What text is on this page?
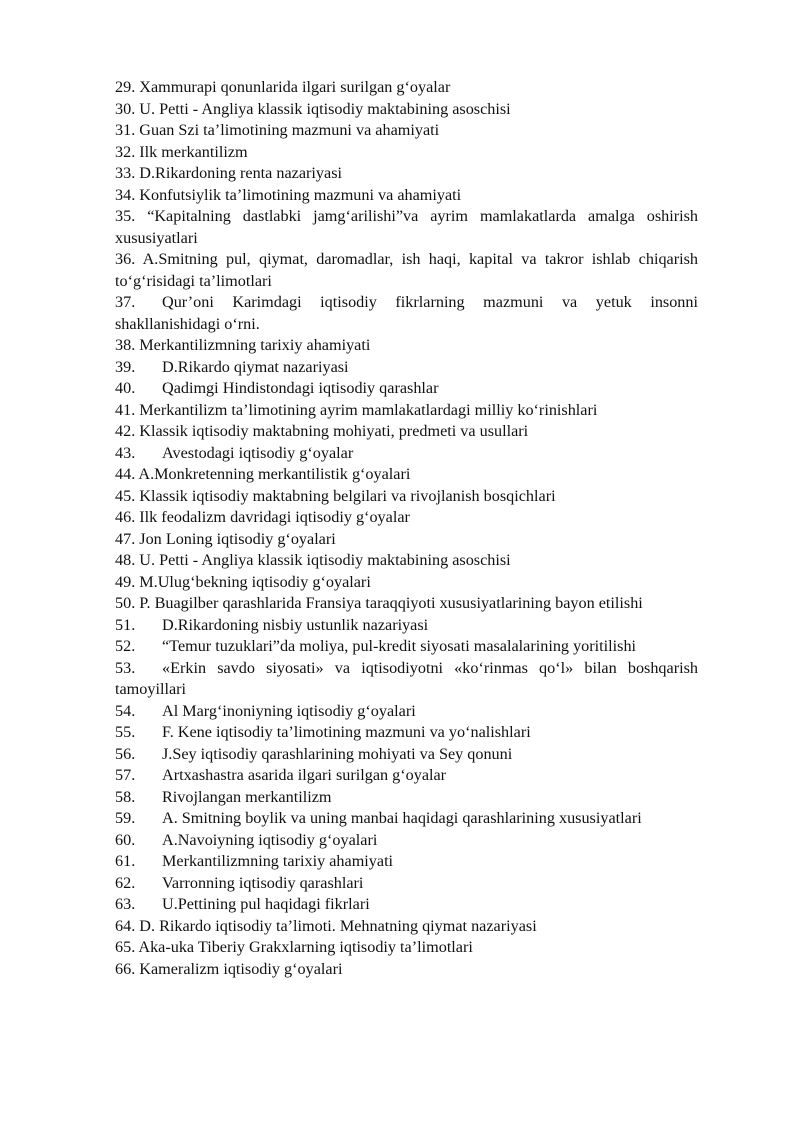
29. Xammurapi qonunlarida ilgari surilgan g‘oyalar

30. U. Petti - Angliya klassik iqtisodiy maktabining asoschisi

31. Guan Szi ta’limotining mazmuni va ahamiyati

32. Ilk merkantilizm

33. D.Rikardoning renta nazariyasi

34. Konfutsiylik ta’limotining mazmuni va ahamiyati

35. “Kapitalning dastlabki jamg‘arilishi”va ayrim mamlakatlarda amalga oshirish xususiyatlari

36. A.Smitning pul, qiymat, daromadlar, ish haqi, kapital va takror ishlab chiqarish to‘g‘risidagi ta’limotlari

37. Qur’oni Karimdagi iqtisodiy fikrlarning mazmuni va yetuk insonni shakllanishidagi o‘rni.

38. Merkantilizmning tarixiy ahamiyati

39. D.Rikardo qiymat nazariyasi

40. Qadimgi Hindistondagi iqtisodiy qarashlar

41. Merkantilizm ta’limotining ayrim mamlakatlardagi milliy ko‘rinishlari

42. Klassik iqtisodiy maktabning mohiyati, predmeti va usullari

43. Avestodagi iqtisodiy g‘oyalar

44. A.Monkretenning merkantilistik g‘oyalari

45. Klassik iqtisodiy maktabning belgilari va rivojlanish bosqichlari

46. Ilk feodalizm davridagi iqtisodiy g‘oyalar

47. Jon Loning iqtisodiy g‘oyalari

48. U. Petti - Angliya klassik iqtisodiy maktabining asoschisi

49. M.Ulug‘bekning iqtisodiy g‘oyalari

50. P. Buagilber qarashlarida Fransiya taraqqiyoti xususiyatlarining bayon etilishi

51. D.Rikardoning nisbiy ustunlik nazariyasi

52. “Temur tuzuklari”da moliya, pul-kredit siyosati masalalarining yoritilishi

53. «Erkin savdo siyosati» va iqtisodiyotni «ko‘rinmas qo‘l» bilan boshqarish tamoyillari

54. Al Marg‘inoniyning iqtisodiy g‘oyalari

55. F. Kene iqtisodiy ta’limotining mazmuni va yo‘nalishlari

56. J.Sey iqtisodiy qarashlarining mohiyati va Sey qonuni

57. Artxashastra asarida ilgari surilgan g‘oyalar

58. Rivojlangan merkantilizm

59. A. Smitning boylik va uning manbai haqidagi qarashlarining xususiyatlari

60. A.Navoiyning iqtisodiy g‘oyalari

61. Merkantilizmning tarixiy ahamiyati

62. Varronning iqtisodiy qarashlari

63. U.Pettining pul haqidagi fikrlari

64. D. Rikardo iqtisodiy ta’limoti. Mehnatning qiymat nazariyasi

65. Aka-uka Tiberiy Grakxlarning iqtisodiy ta’limotlari

66. Kameralizm iqtisodiy g‘oyalari
